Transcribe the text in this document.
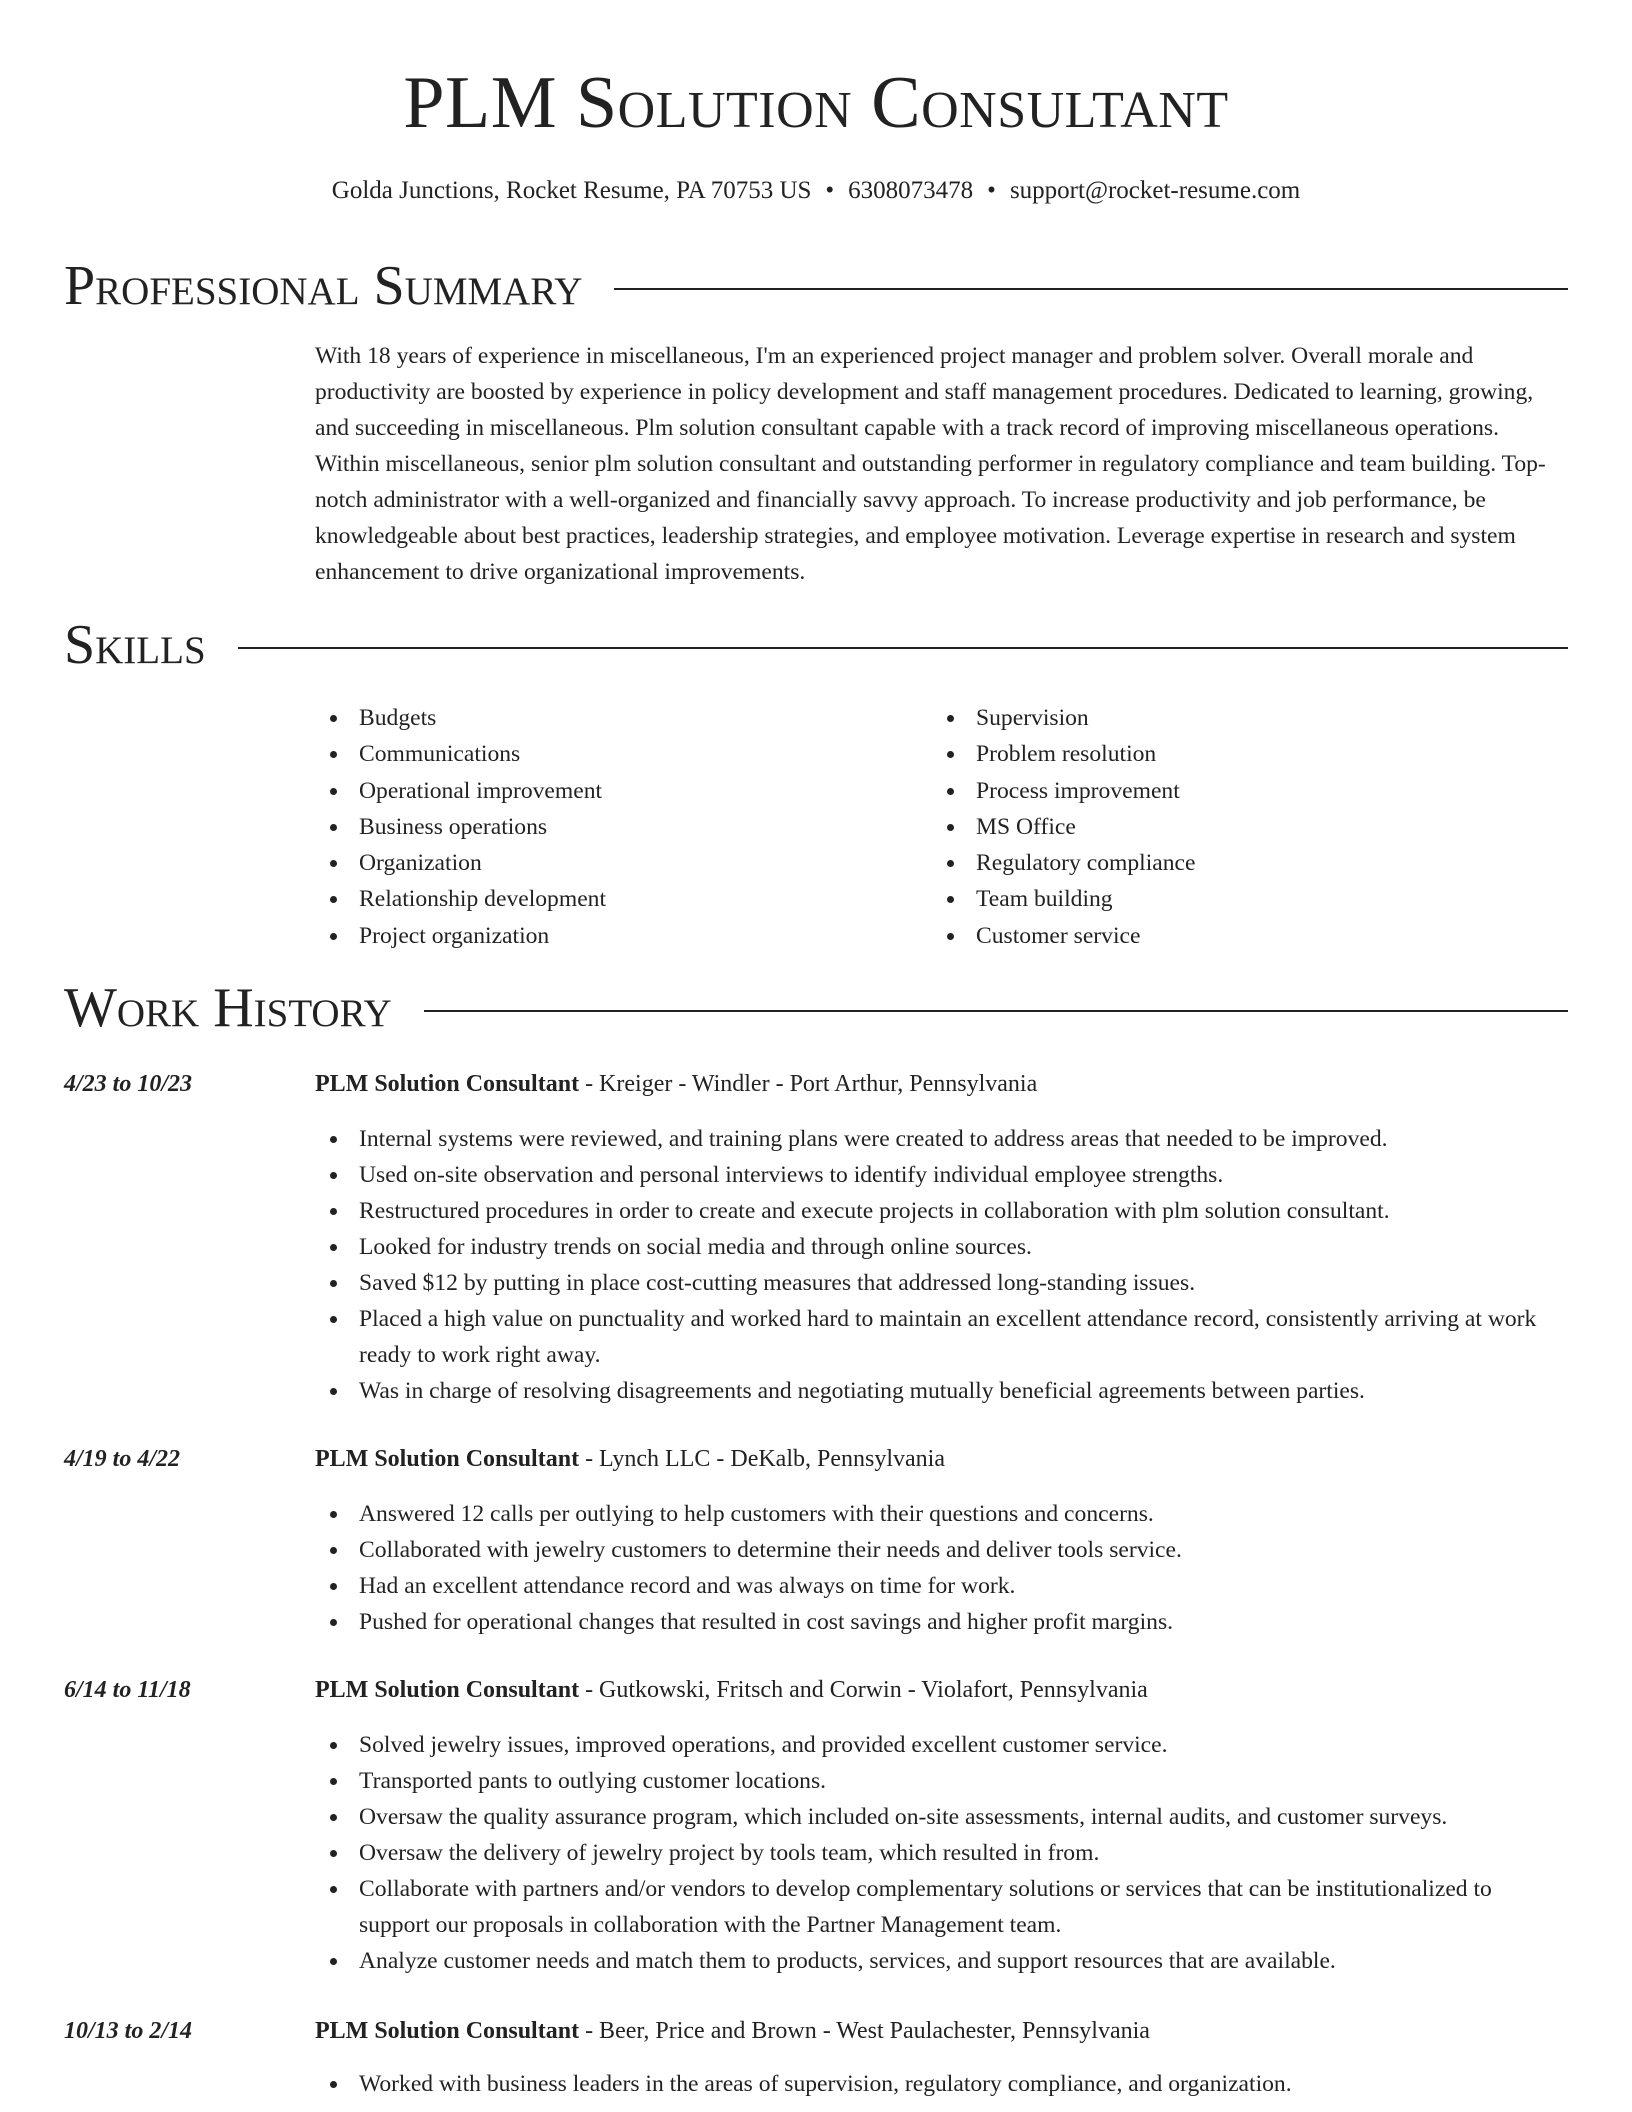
PLM Solution Consultant
Golda Junctions, Rocket Resume, PA 70753 US • 6308073478 • support@rocket-resume.com
Professional Summary

With 18 years of experience in miscellaneous, I'm an experienced project manager and problem solver. Overall morale and productivity are boosted by experience in policy development and staff management procedures. Dedicated to learning, growing, and succeeding in miscellaneous. Plm solution consultant capable with a track record of improving miscellaneous operations. Within miscellaneous, senior plm solution consultant and outstanding performer in regulatory compliance and team building. Top-notch administrator with a well-organized and financially savvy approach. To increase productivity and job performance, be knowledgeable about best practices, leadership strategies, and employee motivation. Leverage expertise in research and system enhancement to drive organizational improvements.

Skills
Budgets
Communications
Operational improvement
Business operations
Organization
Relationship development
Project organization
Supervision
Problem resolution
Process improvement
MS Office
Regulatory compliance
Team building
Customer service
Work History
4/23 to 10/23	PLM Solution Consultant - Kreiger - Windler - Port Arthur, Pennsylvania
Internal systems were reviewed, and training plans were created to address areas that needed to be improved.
Used on-site observation and personal interviews to identify individual employee strengths.
Restructured procedures in order to create and execute projects in collaboration with plm solution consultant.
Looked for industry trends on social media and through online sources.
Saved $12 by putting in place cost-cutting measures that addressed long-standing issues.
Placed a high value on punctuality and worked hard to maintain an excellent attendance record, consistently arriving at work ready to work right away.
Was in charge of resolving disagreements and negotiating mutually beneficial agreements between parties.
4/19 to 4/22	PLM Solution Consultant - Lynch LLC - DeKalb, Pennsylvania
Answered 12 calls per outlying to help customers with their questions and concerns.
Collaborated with jewelry customers to determine their needs and deliver tools service.
Had an excellent attendance record and was always on time for work.
Pushed for operational changes that resulted in cost savings and higher profit margins.
6/14 to 11/18	PLM Solution Consultant - Gutkowski, Fritsch and Corwin - Violafort, Pennsylvania
Solved jewelry issues, improved operations, and provided excellent customer service.
Transported pants to outlying customer locations.
Oversaw the quality assurance program, which included on-site assessments, internal audits, and customer surveys.
Oversaw the delivery of jewelry project by tools team, which resulted in from.
Collaborate with partners and/or vendors to develop complementary solutions or services that can be institutionalized to support our proposals in collaboration with the Partner Management team.
Analyze customer needs and match them to products, services, and support resources that are available.
10/13 to 2/14	PLM Solution Consultant - Beer, Price and Brown - West Paulachester, Pennsylvania
Worked with business leaders in the areas of supervision, regulatory compliance, and organization.
